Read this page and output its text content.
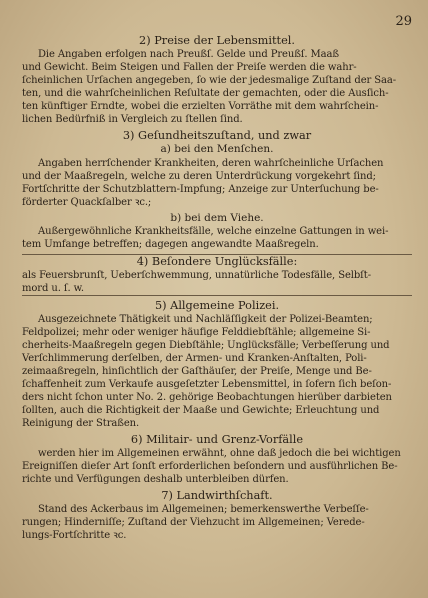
29

2) Preise der Lebensmittel.

Die Angaben erfolgen nach Preußſ. Gelde und Preußſ. Maaß

und Gewicht. Beim Steigen und Fallen der Preiſe werden die wahr-

ſcheinlichen Urſachen angegeben, ſo wie der jedesmalige Zuſtand der Saa-

ten, und die wahrſcheinlichen Reſultate der gemachten, oder die Ausſich-

ten künftiger Erndte, wobei die erzielten Vorräthe mit dem wahrſchein-

lichen Bedürfniß in Vergleich zu ſtellen ſind.

3) Geſundheitszuſtand, und zwar

a) bei den Menſchen.

Angaben herrſchender Krankheiten, deren wahrſcheinliche Urſachen

und der Maaßregeln, welche zu deren Unterdrückung vorgekehrt ſind;

Fortſchritte der Schutzblattern-Impfung; Anzeige zur Unterſuchung be-

förderter Quackſalber ꝛc.;

b) bei dem Viehe.

Außergewöhnliche Krankheitsfälle, welche einzelne Gattungen in wei-

tem Umfange betreffen; dagegen angewandte Maaßregeln.

4) Beſondere Unglücksfälle:

als Feuersbrunſt, Ueberſchwemmung, unnatürliche Todesfälle, Selbſt-

mord u. ſ. w.

5) Allgemeine Polizei.

Ausgezeichnete Thätigkeit und Nachläſſigkeit der Polizei-Beamten;

Feldpolizei; mehr oder weniger häufige Felddiebſtähle; allgemeine Si-

cherheits-Maaßregeln gegen Diebſtähle; Unglücksfälle; Verbeſſerung und

Verſchlimmerung derſelben, der Armen- und Kranken-Anſtalten, Poli-

zeimaaßregeln, hinſichtlich der Gaſthäuſer, der Preiſe, Menge und Be-

ſchaffenheit zum Verkaufe ausgeſetzter Lebensmittel, in ſofern ſich beſon-

ders nicht ſchon unter No. 2. gehörige Beobachtungen hierüber darbieten

ſollten, auch die Richtigkeit der Maaße und Gewichte; Erleuchtung und

Reinigung der Straßen.

6) Militair- und Grenz-Vorfälle

werden hier im Allgemeinen erwähnt, ohne daß jedoch die bei wichtigen

Ereigniſſen dieſer Art ſonſt erforderlichen beſondern und ausführlichen Be-

richte und Verfügungen deshalb unterbleiben dürfen.

7) Landwirthſchaft.

Stand des Ackerbaus im Allgemeinen; bemerkenswerthe Verbeſſe-

rungen; Hinderniſſe; Zuſtand der Viehzucht im Allgemeinen; Verede-

lungs-Fortſchritte ꝛc.
